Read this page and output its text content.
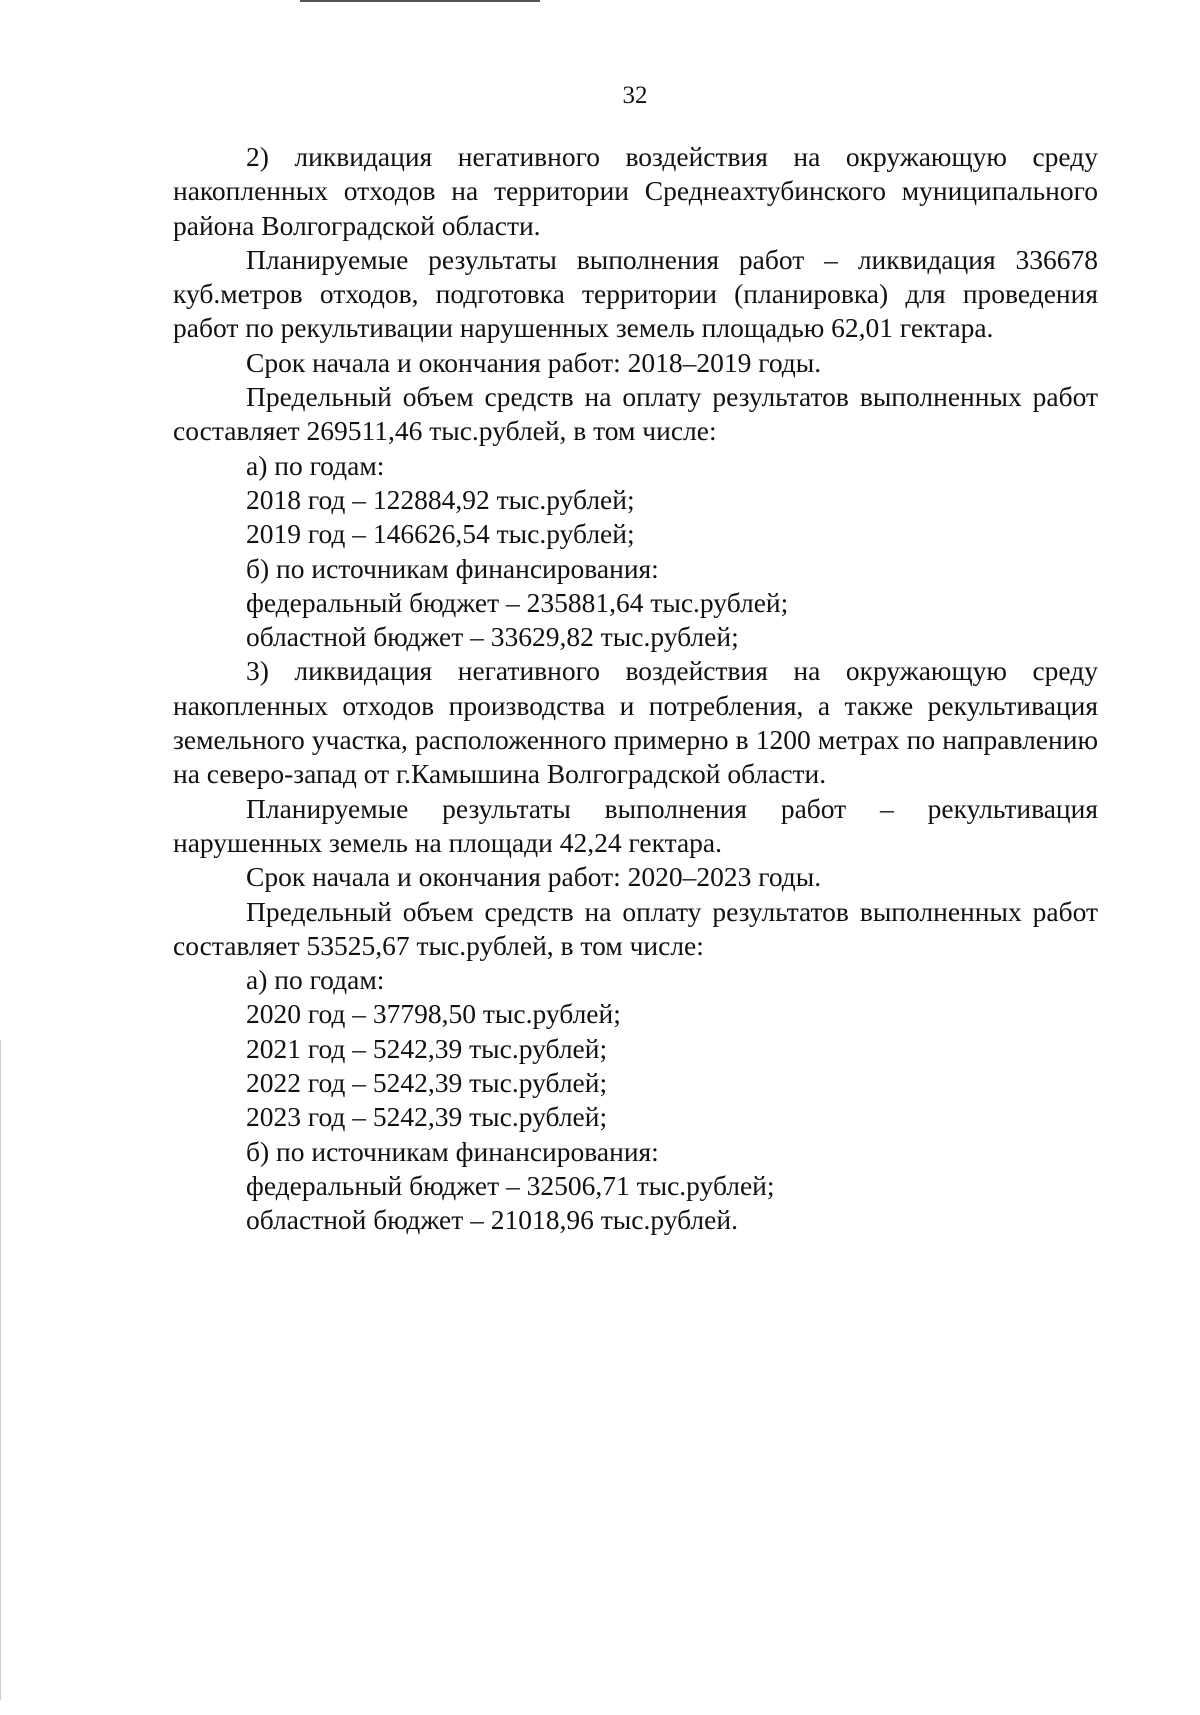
32

2) ликвидация негативного воздействия на окружающую среду накопленных отходов на территории Среднеахтубинского муниципального района Волгоградской области.

Планируемые результаты выполнения работ – ликвидация 336678 куб.метров отходов, подготовка территории (планировка) для проведения работ по рекультивации нарушенных земель площадью 62,01 гектара.

Срок начала и окончания работ: 2018–2019 годы.

Предельный объем средств на оплату результатов выполненных работ составляет 269511,46 тыс.рублей, в том числе:

а) по годам:

2018 год – 122884,92 тыс.рублей;

2019 год – 146626,54 тыс.рублей;

б) по источникам финансирования:

федеральный бюджет – 235881,64 тыс.рублей;

областной бюджет – 33629,82 тыс.рублей;

3) ликвидация негативного воздействия на окружающую среду накопленных отходов производства и потребления, а также рекультивация земельного участка, расположенного примерно в 1200 метрах по направлению на северо-запад от г.Камышина Волгоградской области.

Планируемые результаты выполнения работ – рекультивация нарушенных земель на площади 42,24 гектара.

Срок начала и окончания работ: 2020–2023 годы.

Предельный объем средств на оплату результатов выполненных работ составляет 53525,67 тыс.рублей, в том числе:

а) по годам:

2020 год – 37798,50 тыс.рублей;

2021 год – 5242,39 тыс.рублей;

2022 год – 5242,39 тыс.рублей;

2023 год – 5242,39 тыс.рублей;

б) по источникам финансирования:

федеральный бюджет – 32506,71 тыс.рублей;

областной бюджет – 21018,96 тыс.рублей.
